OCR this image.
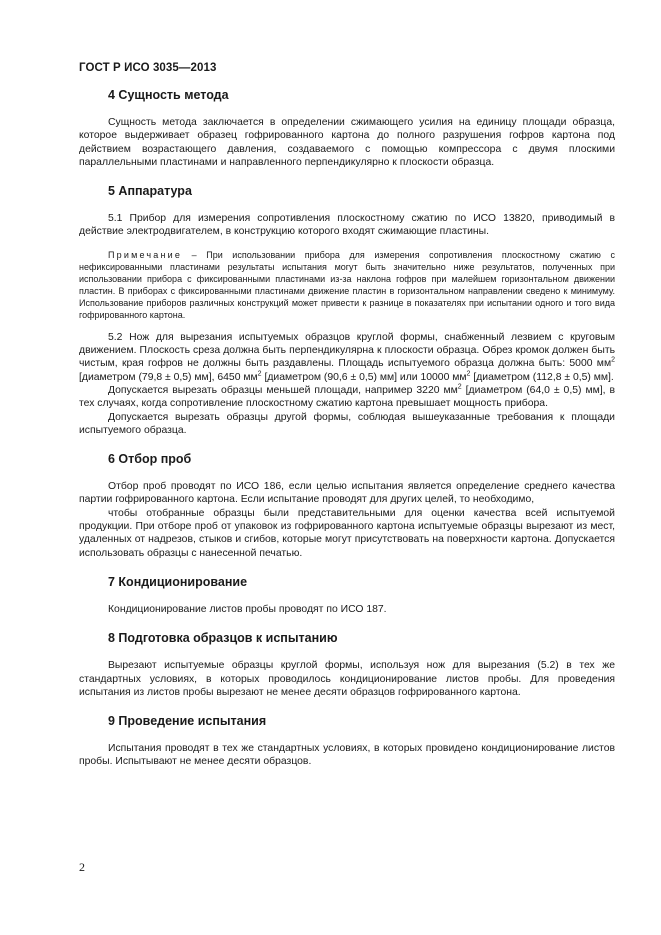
ГОСТ Р ИСО 3035—2013
4 Сущность метода

Сущность метода заключается в определении сжимающего усилия на единицу площади образца, которое выдерживает образец гофрированного картона до полного разрушения гофров картона под действием возрастающего давления, создаваемого с помощью компрессора с двумя плоскими параллельными пластинами и направленного перпендикулярно к плоскости образца.

5 Аппаратура

5.1 Прибор для измерения сопротивления плоскостному сжатию по ИСО 13820, приводимый в действие электродвигателем, в конструкцию которого входят сжимающие пластины.

Примечание – При использовании прибора для измерения сопротивления плоскостному сжатию с нефиксированными пластинами результаты испытания могут быть значительно ниже результатов, полученных при использовании прибора с фиксированными пластинами из-за наклона гофров при малейшем горизонтальном движении пластин. В приборах с фиксированными пластинами движение пластин в горизонтальном направлении сведено к минимуму. Использование приборов различных конструкций может привести к разнице в показателях при испытании одного и того вида гофрированного картона.

5.2 Нож для вырезания испытуемых образцов круглой формы, снабженный лезвием с круговым движением. Плоскость среза должна быть перпендикулярна к плоскости образца. Обрез кромок должен быть чистым, края гофров не должны быть раздавлены. Площадь испытуемого образца должна быть: 5000 $мм^2$ [диаметром (79,8 ± 0,5) мм], 6450 $мм^2$ [диаметром (90,6 ± 0,5) мм] или 10000 $мм^2$ [диаметром (112,8 ± 0,5) мм].

Допускается вырезать образцы меньшей площади, например 3220 $мм^2$ [диаметром (64,0 ± 0,5) мм], в тех случаях, когда сопротивление плоскостному сжатию картона превышает мощность прибора.

Допускается вырезать образцы другой формы, соблюдая вышеуказанные требования к площади испытуемого образца.

6 Отбор проб

Отбор проб проводят по ИСО 186, если целью испытания является определение среднего качества партии гофрированного картона. Если испытание проводят для других целей, то необходимо,

чтобы отобранные образцы были представительными для оценки качества всей испытуемой продукции. При отборе проб от упаковок из гофрированного картона испытуемые образцы вырезают из мест, удаленных от надрезов, стыков и сгибов, которые могут присутствовать на поверхности картона. Допускается использовать образцы с нанесенной печатью.

7 Кондиционирование

Кондиционирование листов пробы проводят по ИСО 187.

8 Подготовка образцов к испытанию

Вырезают испытуемые образцы круглой формы, используя нож для вырезания (5.2) в тех же стандартных условиях, в которых проводилось кондиционирование листов пробы. Для проведения испытания из листов пробы вырезают не менее десяти образцов гофрированного картона.

9 Проведение испытания

Испытания проводят в тех же стандартных условиях, в которых провидено кондиционирование листов пробы. Испытывают не менее десяти образцов.

2
